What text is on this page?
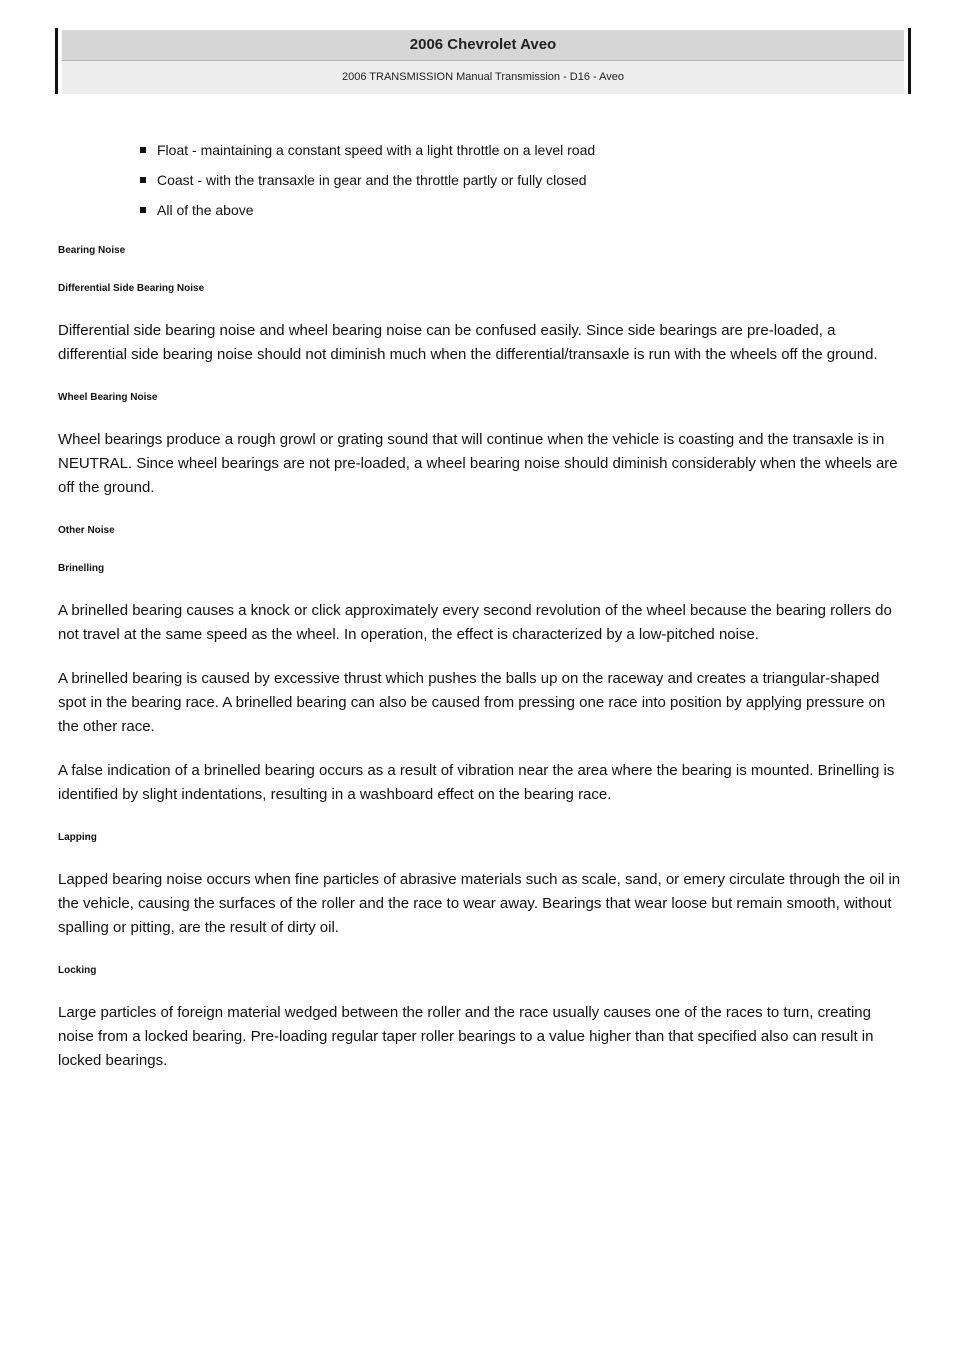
2006 Chevrolet Aveo
2006 TRANSMISSION Manual Transmission - D16 - Aveo
Float - maintaining a constant speed with a light throttle on a level road
Coast - with the transaxle in gear and the throttle partly or fully closed
All of the above

Bearing Noise

Differential Side Bearing Noise

Differential side bearing noise and wheel bearing noise can be confused easily. Since side bearings are pre-loaded, a differential side bearing noise should not diminish much when the differential/transaxle is run with the wheels off the ground.

Wheel Bearing Noise

Wheel bearings produce a rough growl or grating sound that will continue when the vehicle is coasting and the transaxle is in NEUTRAL. Since wheel bearings are not pre-loaded, a wheel bearing noise should diminish considerably when the wheels are off the ground.

Other Noise

Brinelling

A brinelled bearing causes a knock or click approximately every second revolution of the wheel because the bearing rollers do not travel at the same speed as the wheel. In operation, the effect is characterized by a low-pitched noise.

A brinelled bearing is caused by excessive thrust which pushes the balls up on the raceway and creates a triangular-shaped spot in the bearing race. A brinelled bearing can also be caused from pressing one race into position by applying pressure on the other race.

A false indication of a brinelled bearing occurs as a result of vibration near the area where the bearing is mounted. Brinelling is identified by slight indentations, resulting in a washboard effect on the bearing race.

Lapping

Lapped bearing noise occurs when fine particles of abrasive materials such as scale, sand, or emery circulate through the oil in the vehicle, causing the surfaces of the roller and the race to wear away. Bearings that wear loose but remain smooth, without spalling or pitting, are the result of dirty oil.

Locking

Large particles of foreign material wedged between the roller and the race usually causes one of the races to turn, creating noise from a locked bearing. Pre-loading regular taper roller bearings to a value higher than that specified also can result in locked bearings.
